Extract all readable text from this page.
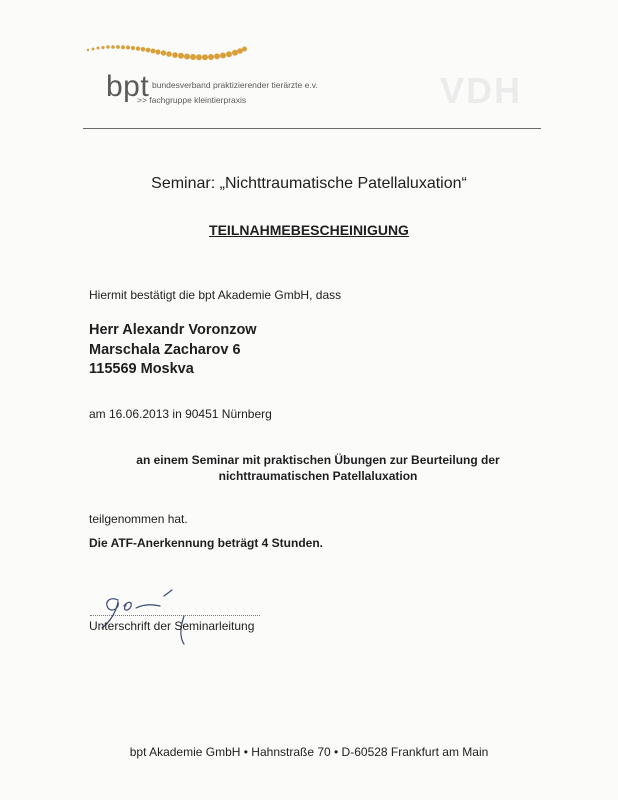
bpt bundesverband praktizierender tierärzte e.v.
>> fachgruppe kleintierpraxis	VDH
Seminar: „Nichttraumatische Patellaluxation“
TEILNAHMEBESCHEINIGUNG
Hiermit bestätigt die bpt Akademie GmbH, dass
Herr Alexandr Voronzow
Marschala Zacharov 6
115569 Moskva
am 16.06.2013 in 90451 Nürnberg
an einem Seminar mit praktischen Übungen zur Beurteilung der
nichttraumatischen Patellaluxation
teilgenommen hat.
Die ATF-Anerkennung beträgt 4 Stunden.
Unterschrift der Seminarleitung
bpt Akademie GmbH • Hahnstraße 70 • D-60528 Frankfurt am Main
